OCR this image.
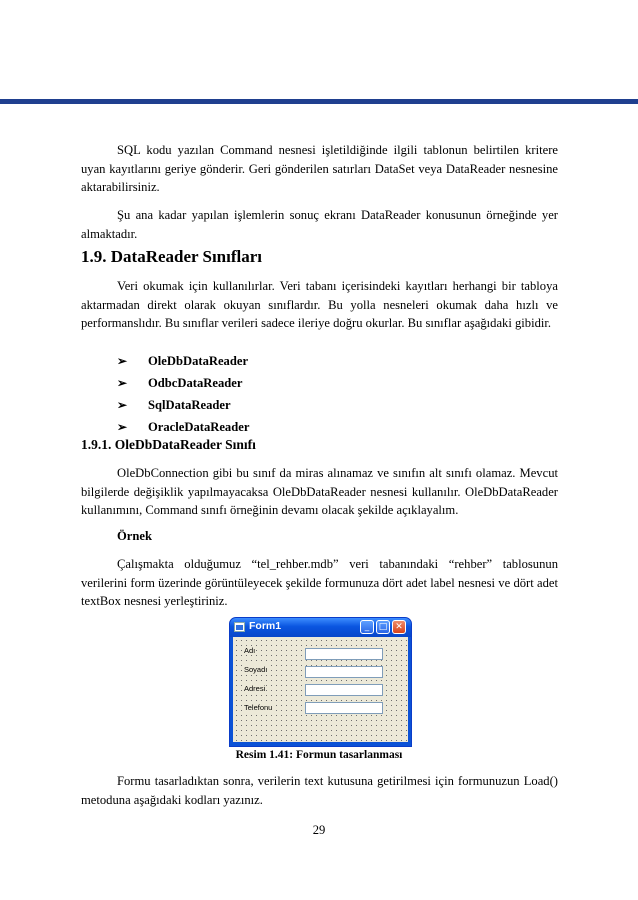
SQL kodu yazılan Command nesnesi işletildiğinde ilgili tablonun belirtilen kritere uyan kayıtlarını geriye gönderir. Geri gönderilen satırları DataSet veya DataReader nesnesine aktarabilirsiniz.

Şu ana kadar yapılan işlemlerin sonuç ekranı DataReader konusunun örneğinde yer almaktadır.

1.9. DataReader Sınıfları

Veri okumak için kullanılırlar. Veri tabanı içerisindeki kayıtları herhangi bir tabloya aktarmadan direkt olarak okuyan sınıflardır. Bu yolla nesneleri okumak daha hızlı ve performanslıdır. Bu sınıflar verileri sadece ileriye doğru okurlar. Bu sınıflar aşağıdaki gibidir.

➢	OleDbDataReader
➢	OdbcDataReader
➢	SqlDataReader
➢	OracleDataReader
1.9.1. OleDbDataReader Sınıfı

OleDbConnection gibi bu sınıf da miras alınamaz ve sınıfın alt sınıfı olamaz. Mevcut bilgilerde değişiklik yapılmayacaksa OleDbDataReader nesnesi kullanılır. OleDbDataReader kullanımını, Command sınıfı örneğinin devamı olacak şekilde açıklayalım.

Örnek

Çalışmakta olduğumuz “tel_rehber.mdb” veri tabanındaki “rehber” tablosunun verilerini form üzerinde görüntüleyecek şekilde formunuza dört adet label nesnesi ve dört adet textBox nesnesi yerleştiriniz.

Form1	_	□ ✕
Adı
Soyadı
Adresi
Telefonu

Resim 1.41: Formun tasarlanması

Formu tasarladıktan sonra, verilerin text kutusuna getirilmesi için formunuzun Load() metoduna aşağıdaki kodları yazınız.

29
